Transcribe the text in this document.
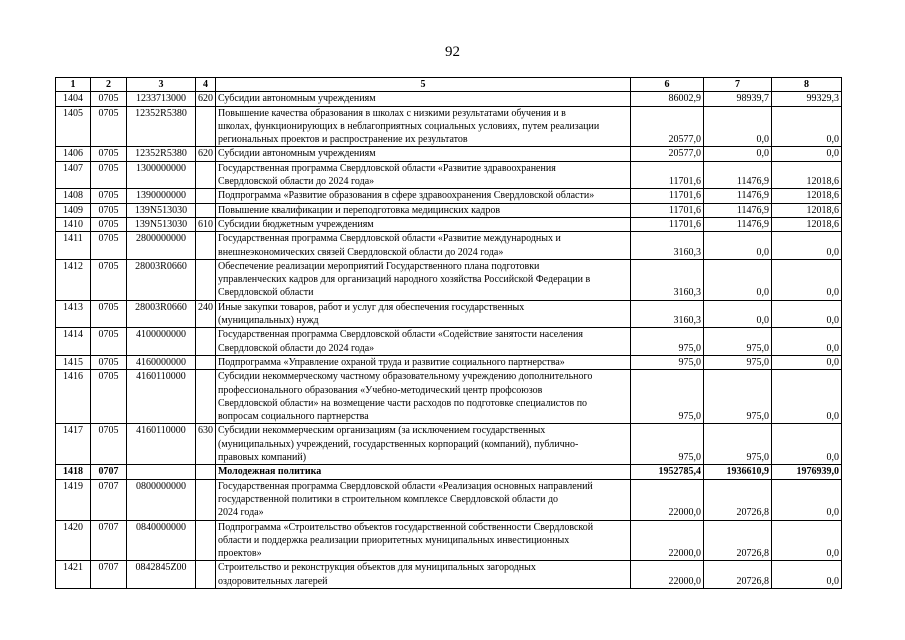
92
1	2	3	4	5	6	7	8
1404	0705	1233713000	620	Субсидии автономным учреждениям	86002,9	98939,7	99329,3
1405	0705	12352R5380		Повышение качества образования в школах с низкими результатами обучения и в
школах, функционирующих в неблагоприятных социальных условиях, путем реализации
региональных проектов и распространение их результатов	20577,0	0,0	0,0
1406	0705	12352R5380	620	Субсидии автономным учреждениям	20577,0	0,0	0,0
1407	0705	1300000000		Государственная программа Свердловской области «Развитие здравоохранения
Свердловской области до 2024 года»	11701,6	11476,9	12018,6
1408	0705	1390000000		Подпрограмма «Развитие образования в сфере здравоохранения Свердловской области»	11701,6	11476,9	12018,6
1409	0705	139N513030		Повышение квалификации и переподготовка медицинских кадров	11701,6	11476,9	12018,6
1410	0705	139N513030	610	Субсидии бюджетным учреждениям	11701,6	11476,9	12018,6
1411	0705	2800000000		Государственная программа Свердловской области «Развитие международных и
внешнеэкономических связей Свердловской области до 2024 года»	3160,3	0,0	0,0
1412	0705	28003R0660		Обеспечение реализации мероприятий Государственного плана подготовки
управленческих кадров для организаций народного хозяйства Российской Федерации в
Свердловской области	3160,3	0,0	0,0
1413	0705	28003R0660	240	Иные закупки товаров, работ и услуг для обеспечения государственных
(муниципальных) нужд	3160,3	0,0	0,0
1414	0705	4100000000		Государственная программа Свердловской области «Содействие занятости населения
Свердловской области до 2024 года»	975,0	975,0	0,0
1415	0705	4160000000		Подпрограмма «Управление охраной труда и развитие социального партнерства»	975,0	975,0	0,0
1416	0705	4160110000		Субсидии некоммерческому частному образовательному учреждению дополнительного
профессионального образования «Учебно-методический центр профсоюзов
Свердловской области» на возмещение части расходов по подготовке специалистов по
вопросам социального партнерства	975,0	975,0	0,0
1417	0705	4160110000	630	Субсидии некоммерческим организациям (за исключением государственных
(муниципальных) учреждений, государственных корпораций (компаний), публично-
правовых компаний)	975,0	975,0	0,0
1418	0707			Молодежная политика	1952785,4	1936610,9	1976939,0
1419	0707	0800000000		Государственная программа Свердловской области «Реализация основных направлений
государственной политики в строительном комплексе Свердловской области до
2024 года»	22000,0	20726,8	0,0
1420	0707	0840000000		Подпрограмма «Строительство объектов государственной собственности Свердловской
области и поддержка реализации приоритетных муниципальных инвестиционных
проектов»	22000,0	20726,8	0,0
1421	0707	0842845Z00		Строительство и реконструкция объектов для муниципальных загородных
оздоровительных лагерей	22000,0	20726,8	0,0
